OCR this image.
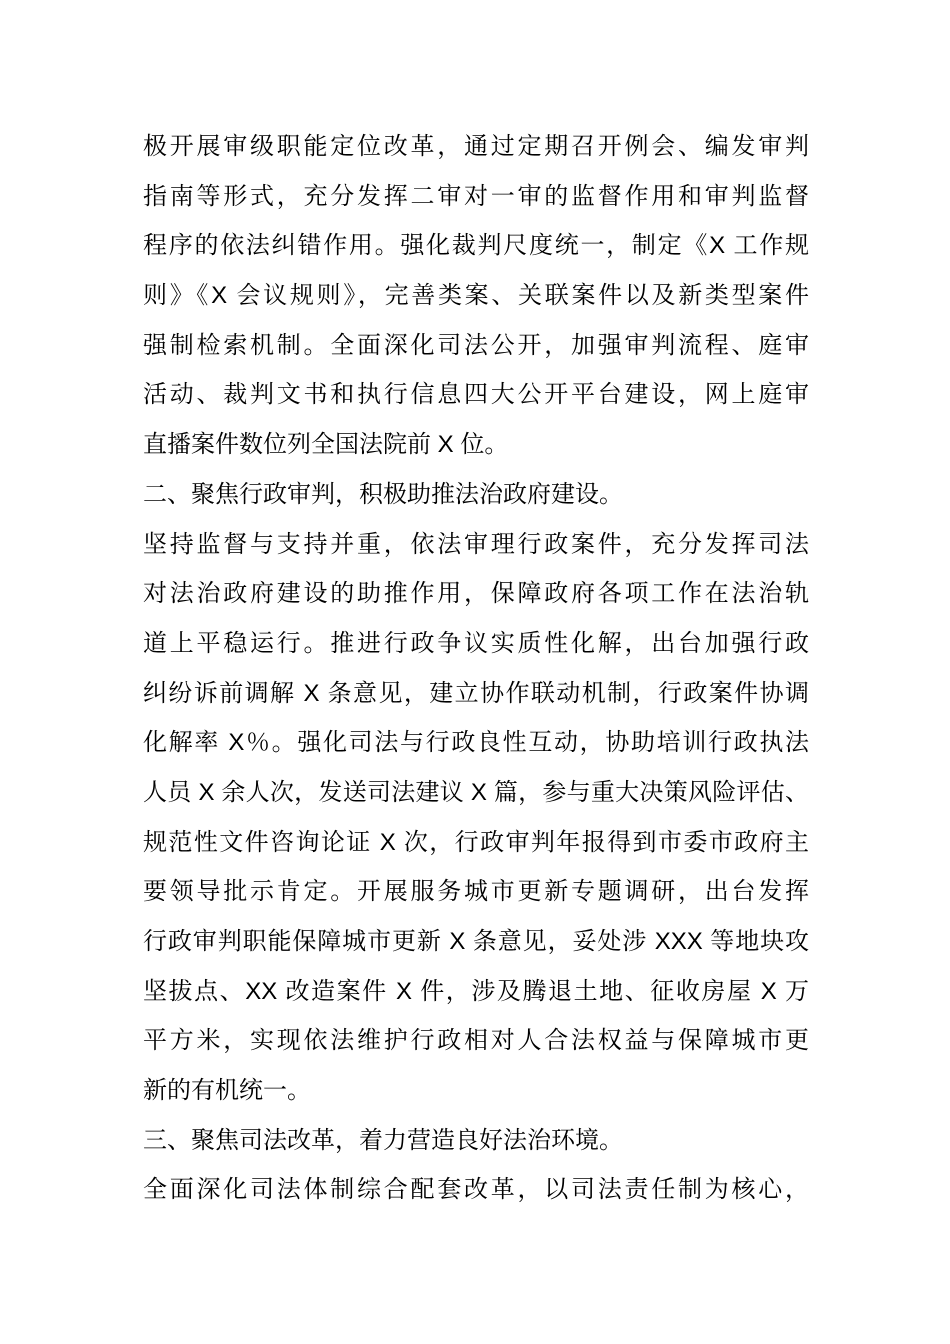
极开展审级职能定位改革，通过定期召开例会、编发审判
指南等形式，充分发挥二审对一审的监督作用和审判监督
程序的依法纠错作用。强化裁判尺度统一，制定《X 工作规
则》《X 会议规则》，完善类案、关联案件以及新类型案件
强制检索机制。全面深化司法公开，加强审判流程、庭审
活动、裁判文书和执行信息四大公开平台建设，网上庭审
直播案件数位列全国法院前 X 位。
二、聚焦行政审判，积极助推法治政府建设。
坚持监督与支持并重，依法审理行政案件，充分发挥司法
对法治政府建设的助推作用，保障政府各项工作在法治轨
道上平稳运行。推进行政争议实质性化解，出台加强行政
纠纷诉前调解 X 条意见，建立协作联动机制，行政案件协调
化解率 X％。强化司法与行政良性互动，协助培训行政执法
人员 X 余人次，发送司法建议 X 篇，参与重大决策风险评估、
规范性文件咨询论证 X 次，行政审判年报得到市委市政府主
要领导批示肯定。开展服务城市更新专题调研，出台发挥
行政审判职能保障城市更新 X 条意见，妥处涉 XXX 等地块攻
坚拔点、XX 改造案件 X 件，涉及腾退土地、征收房屋 X 万
平方米，实现依法维护行政相对人合法权益与保障城市更
新的有机统一。
三、聚焦司法改革，着力营造良好法治环境。
全面深化司法体制综合配套改革，以司法责任制为核心，
